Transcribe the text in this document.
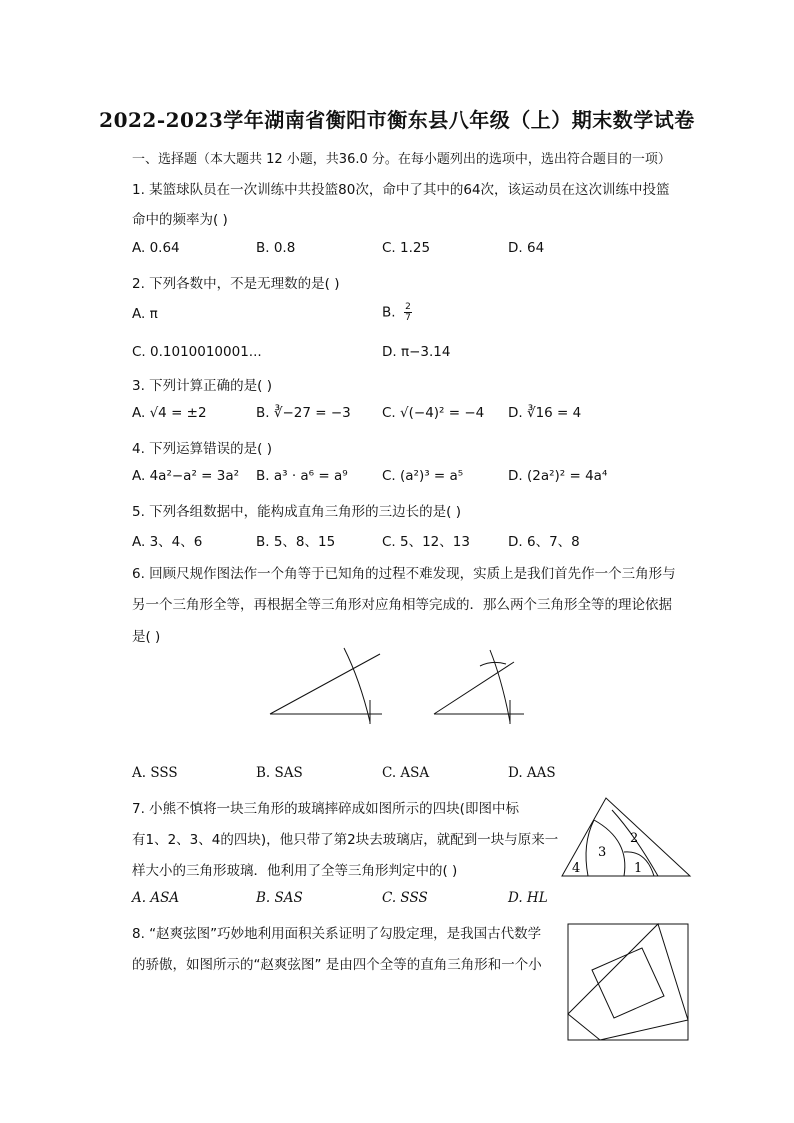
2022-2023学年湖南省衡阳市衡东县八年级（上）期末数学试卷
一、选择题（本大题共 12 小题，共36.0 分。在每小题列出的选项中，选出符合题目的一项）
1. 某篮球队员在一次训练中共投篮80次，命中了其中的64次，该运动员在这次训练中投篮
命中的频率为( )
A. 0.64	B. 0.8	C. 1.25	D. 64
2. 下列各数中，不是无理数的是( )
A. π	B. $\frac{2}{7}$
C. 0.1010010001...	D. π−3.14
3. 下列计算正确的是( )
A. √4 = ±2	B. ∛−27 = −3 C. √(−4)² = −4 D. ∛16 = 4
4. 下列运算错误的是( )
A. 4a²−a² = 3a² B. a³ · a⁶ = a⁹	C. (a²)³ = a⁵	D. (2a²)² = 4a⁴
5. 下列各组数据中，能构成直角三角形的三边长的是( )
A. 3、4、6	B. 5、8、15	C. 5、12、13	D. 6、7、8
6. 回顾尺规作图法作一个角等于已知角的过程不难发现，实质上是我们首先作一个三角形与
另一个三角形全等，再根据全等三角形对应角相等完成的．那么两个三角形全等的理论依据
是( )
A. SSS	B. SAS	C. ASA	D. AAS
7. 小熊不慎将一块三角形的玻璃摔碎成如图所示的四块(即图中标
有1、2、3、4的四块)，他只带了第2块去玻璃店，就配到一块与原来一
样大小的三角形玻璃．他利用了全等三角形判定中的( )
2
3
4	1
A. ASA	B. SAS	C. SSS	D. HL
8. “赵爽弦图”巧妙地利用面积关系证明了勾股定理，是我国古代数学
的骄傲，如图所示的“赵爽弦图” 是由四个全等的直角三角形和一个小
